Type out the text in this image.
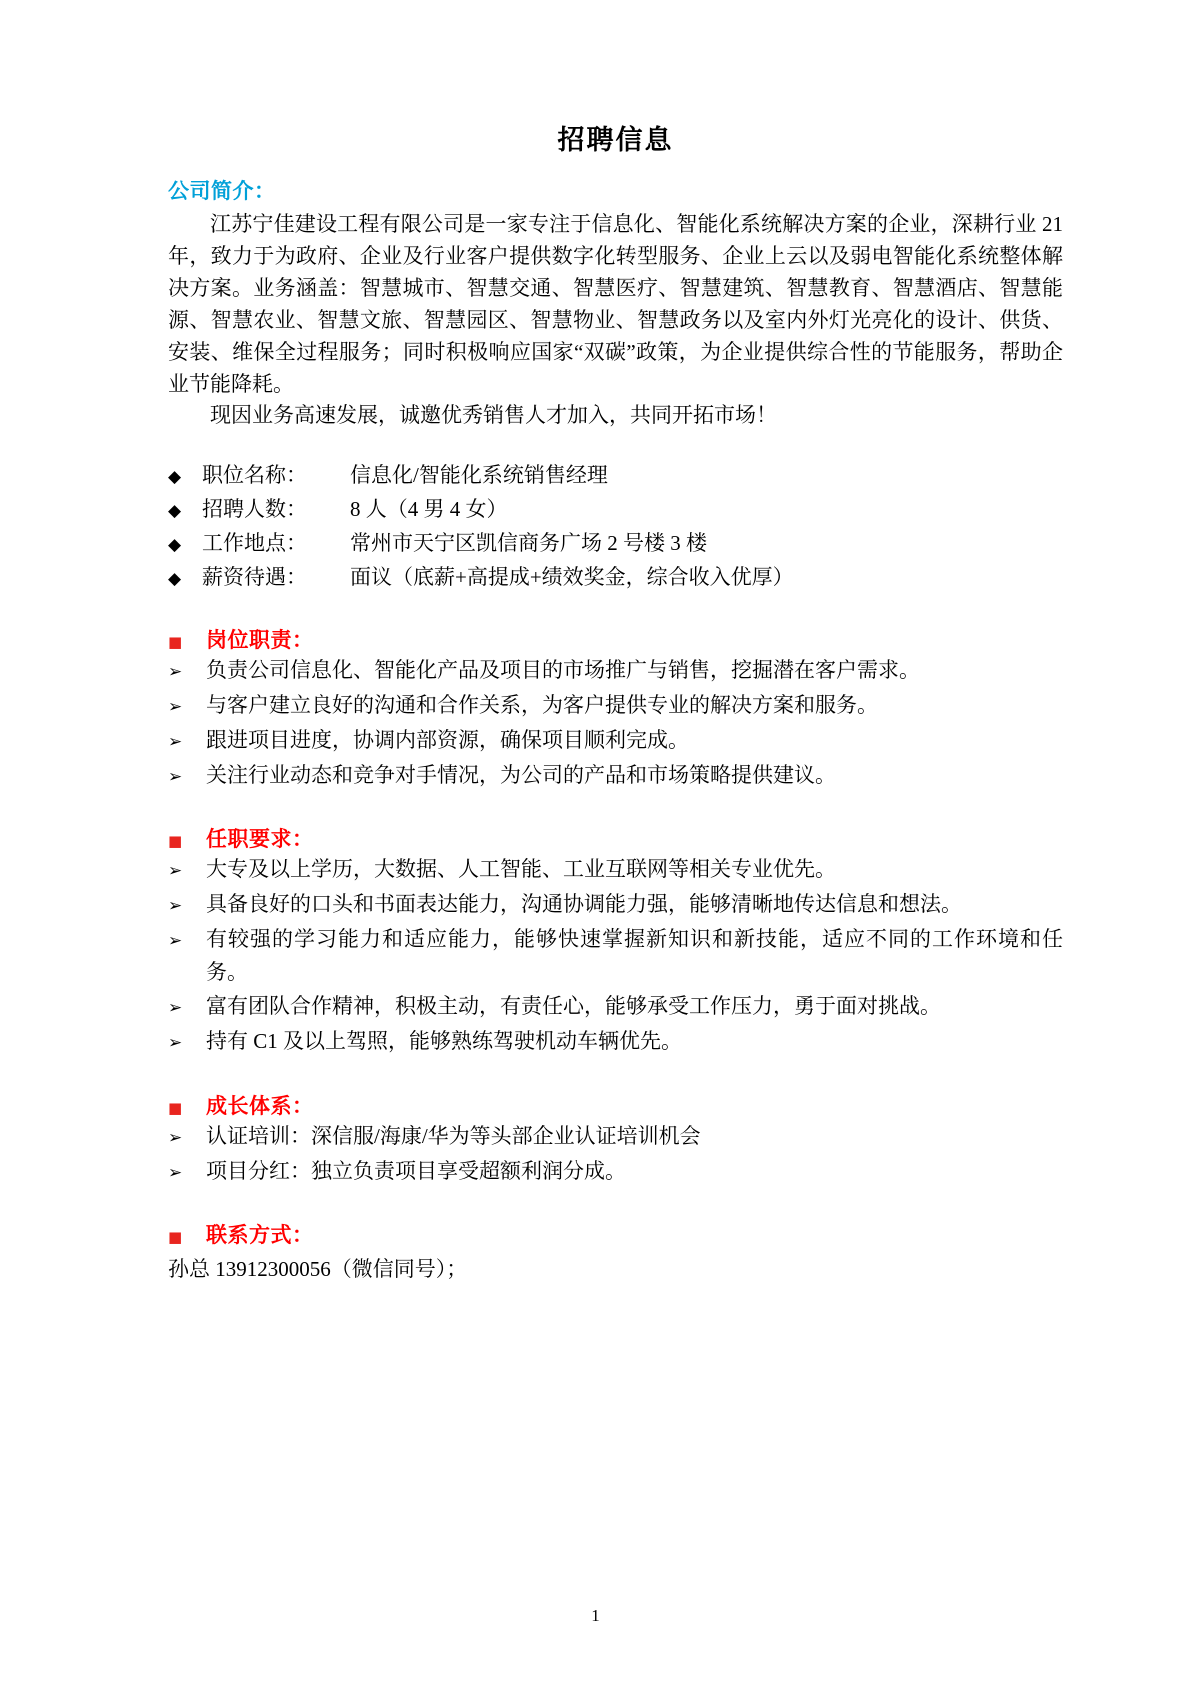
招聘信息
公司简介：

江苏宁佳建设工程有限公司是一家专注于信息化、智能化系统解决方案的企业，深耕行业 21 年，致力于为政府、企业及行业客户提供数字化转型服务、企业上云以及弱电智能化系统整体解决方案。业务涵盖：智慧城市、智慧交通、智慧医疗、智慧建筑、智慧教育、智慧酒店、智慧能源、智慧农业、智慧文旅、智慧园区、智慧物业、智慧政务以及室内外灯光亮化的设计、供货、安装、维保全过程服务；同时积极响应国家“双碳”政策，为企业提供综合性的节能服务，帮助企业节能降耗。

现因业务高速发展，诚邀优秀销售人才加入，共同开拓市场！

◆ 职位名称：	信息化/智能化系统销售经理
◆ 招聘人数：	8 人（4 男 4 女）
◆ 工作地点：	常州市天宁区凯信商务广场 2 号楼 3 楼
◆ 薪资待遇：	面议（底薪+高提成+绩效奖金，综合收入优厚）
■	岗位职责：
➢	负责公司信息化、智能化产品及项目的市场推广与销售，挖掘潜在客户需求。
➢	与客户建立良好的沟通和合作关系，为客户提供专业的解决方案和服务。
➢	跟进项目进度，协调内部资源，确保项目顺利完成。
➢	关注行业动态和竞争对手情况，为公司的产品和市场策略提供建议。
■	任职要求：
➢	大专及以上学历，大数据、人工智能、工业互联网等相关专业优先。
➢	具备良好的口头和书面表达能力，沟通协调能力强，能够清晰地传达信息和想法。
➢	有较强的学习能力和适应能力，能够快速掌握新知识和新技能，适应不同的工作环境和任务。
➢	富有团队合作精神，积极主动，有责任心，能够承受工作压力，勇于面对挑战。
➢	持有 C1 及以上驾照，能够熟练驾驶机动车辆优先。
■	成长体系：
➢	认证培训：深信服/海康/华为等头部企业认证培训机会
➢	项目分红：独立负责项目享受超额利润分成。
■	联系方式：

孙总 13912300056（微信同号）；

1
